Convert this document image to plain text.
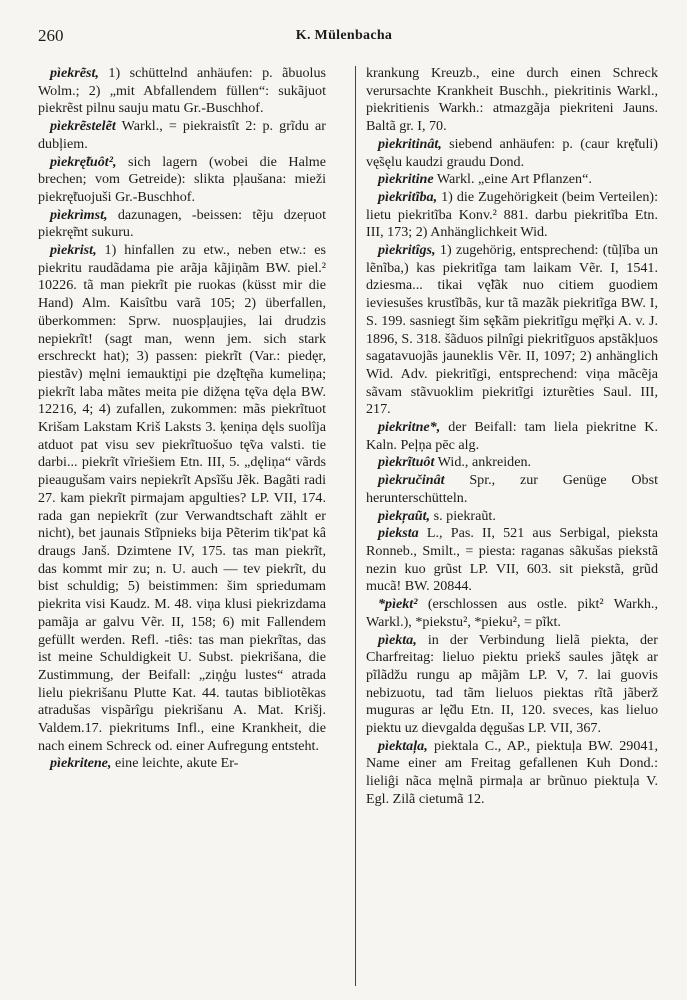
260	K. Mülenbacha

pìekrẽst, 1) schüttelnd anhäufen: p. ãbuolus Wolm.; 2) „mit Abfallendem füllen“: sukãjuot piekrẽst pilnu sauju matu Gr.-Buschhof.

pìekrẽstelẽt Warkl., = piekraistît 2: p. grĩdu ar dubļiem.

pìekrę̃tuôt², sich lagern (wobei die Halme brechen; vom Getreide): slikta pļaušana: mieži piekrę̃tuojuši Gr.-Buschhof.

pìekrìmst, dazunagen, -beissen: tẽju dzeŗuot piekrę̃mt sukuru.

pìekrist, 1) hinfallen zu etw., neben etw.: es piekritu raudãdama pie arãja kãjiņãm BW. piel.² 10226. tã man piekrĩt pie ruokas (küsst mir die Hand) Alm. Kaisîtbu varã 105; 2) überfallen, überkommen: Sprw. nuospļaujies, lai drudzis nepiekrĩt! (sagt man, wenn jem. sich stark erschreckt hat); 3) passen: piekrĩt (Var.: piedęr, piestãv) męlni iemaukti̧ņi pie dzę̃ltę̃na kumeliņa; piekrĩt laba mãtes meita pie dižęna tę̃va dęla BW. 12216, 4; 4) zufallen, zukommen: mãs piekrĩtuot Krišam Lakstam Kriš Laksts 3. ķeniņa dęls suolîja atduot pat visu sev piekrĩtuošuo tę̃va valsti. tie darbi... piekrĩt vĩriešiem Etn. III, 5. „dęliņa“ vãrds pieaugušam vairs nepiekrĩt Apsĩšu Jẽk. Bagãti radi 27. kam piekrĩt pirmajam apgulties? LP. VII, 174. rada gan nepiekrĩt (zur Verwandtschaft zählt er nicht), bet jaunais Stĩpnieks bija Pẽterim tik'pat kâ draugs Janš. Dzimtene IV, 175. tas man piekrĩt, das kommt mir zu; n. U. auch — tev piekrĩt, du bist schuldig; 5) beistimmen: šim spriedumam piekrita visi Kaudz. M. 48. viņa klusi piekrizdama pamãja ar galvu Vẽr. II, 158; 6) mit Fallendem gefüllt werden. Refl. -tiês: tas man piekrĩtas, das ist meine Schuldigkeit U. Subst. piekrišana, die Zustimmung, der Beifall: „ziņģu lustes“ atrada lielu piekrišanu Plutte Kat. 44. tautas bibliotẽkas atradušas vispãrîgu piekrišanu A. Mat. Krišj. Valdem.17. piekritums Infl., eine Krankheit, die nach einem Schreck od. einer Aufregung entsteht.

pìekritene, eine leichte, akute Er-

krankung Kreuzb., eine durch einen Schreck verursachte Krankheit Buschh., piekritinis Warkl., piekritienis Warkh.: atmazgãja piekriteni Jauns. Baltã gr. I, 70.

pìekritinât, siebend anhäufen: p. (caur krę̃tuli) vę̃sęlu kaudzi graudu Dond.

pìekritine Warkl. „eine Art Pflanzen“.

pìekritĩba, 1) die Zugehörigkeit (beim Verteilen): lietu piekritĩba Konv.² 881. darbu piekritĩba Etn. III, 173; 2) Anhänglichkeit Wid.

pìekritîgs, 1) zugehörig, entsprechend: (tũļība un lẽnĩba,) kas piekritĩga tam laikam Vẽr. I, 1541. dziesma... tikai vę̃lãk nuo citiem guodiem ieviesušes krustĩbãs, kur tã mazãk piekritĩga BW. I, S. 199. sasniegt šim sę̃kãm piekritĩgu mę̃rķi A. v. J. 1896, S. 318. šãduos pilnîgi piekritĩguos apstãkļuos sagatavuojãs jauneklis Vẽr. II, 1097; 2) anhänglich Wid. Adv. piekritĩgi, entsprechend: viņa mãcẽja sãvam stãvuoklim piekritĩgi izturẽties Saul. III, 217.

piekritne*, der Beifall: tam liela piekritne K. Kaln. Peļņa pēc alg.

pìekrĩtuôt Wid., ankreiden.

pìekručinât Spr., zur Genüge Obst herunterschütteln.

pìekŗaũt, s. piekraũt.

pieksta L., Pas. II, 521 aus Serbigal, pieksta Ronneb., Smilt., = piesta: raganas sãkušas piekstã nezin kuo grũst LP. VII, 603. sit piekstã, grũd mucã! BW. 20844.

*pìekt² (erschlossen aus ostle. pikt² Warkh., Warkl.), *piekstu², *pieku², = pĩkt.

pìekta, in der Verbindung lielã piekta, der Charfreitag: lieluo piektu priekš saules jãtęk ar pĩlãdžu rungu ap mãjãm LP. V, 7. lai guovis nebizuotu, tad tãm lieluos piektas rĩtã jãberž muguras ar lę̃du Etn. II, 120. sveces, kas lieluo piektu uz dievgalda dęgušas LP. VII, 367.

pìektaļa, piektala C., AP., piektuļa BW. 29041, Name einer am Freitag gefallenen Kuh Dond.: lieliĝi nãca męlnã pirmaļa ar brũnuo piektuļa V. Egl. Zilã cietumã 12.
